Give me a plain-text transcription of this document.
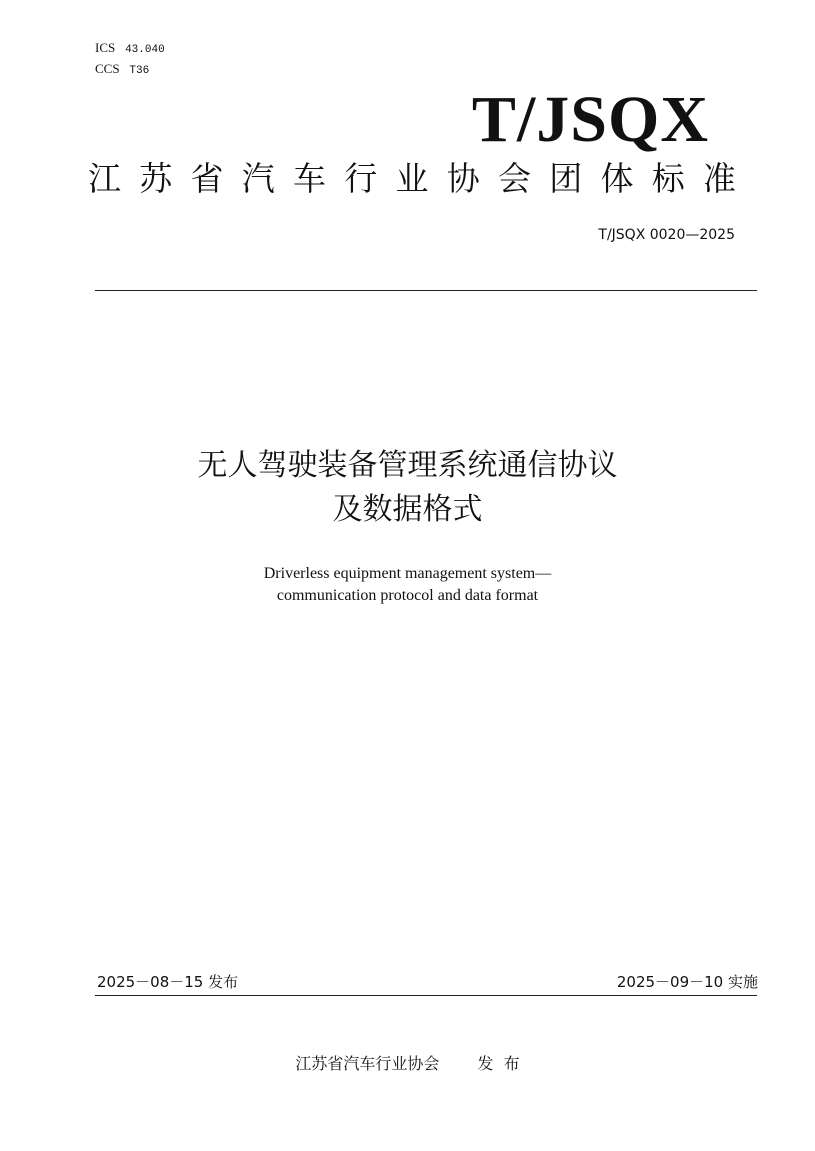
ICS 43.040
CCS T36
T/JSQX
江苏省汽车行业协会团体标准
T/JSQX 0020—2025
无人驾驶装备管理系统通信协议
及数据格式
Driverless equipment management system—
communication protocol and data format
2025－08－15 发布	2025－09－10 实施
江苏省汽车行业协会 发  布
